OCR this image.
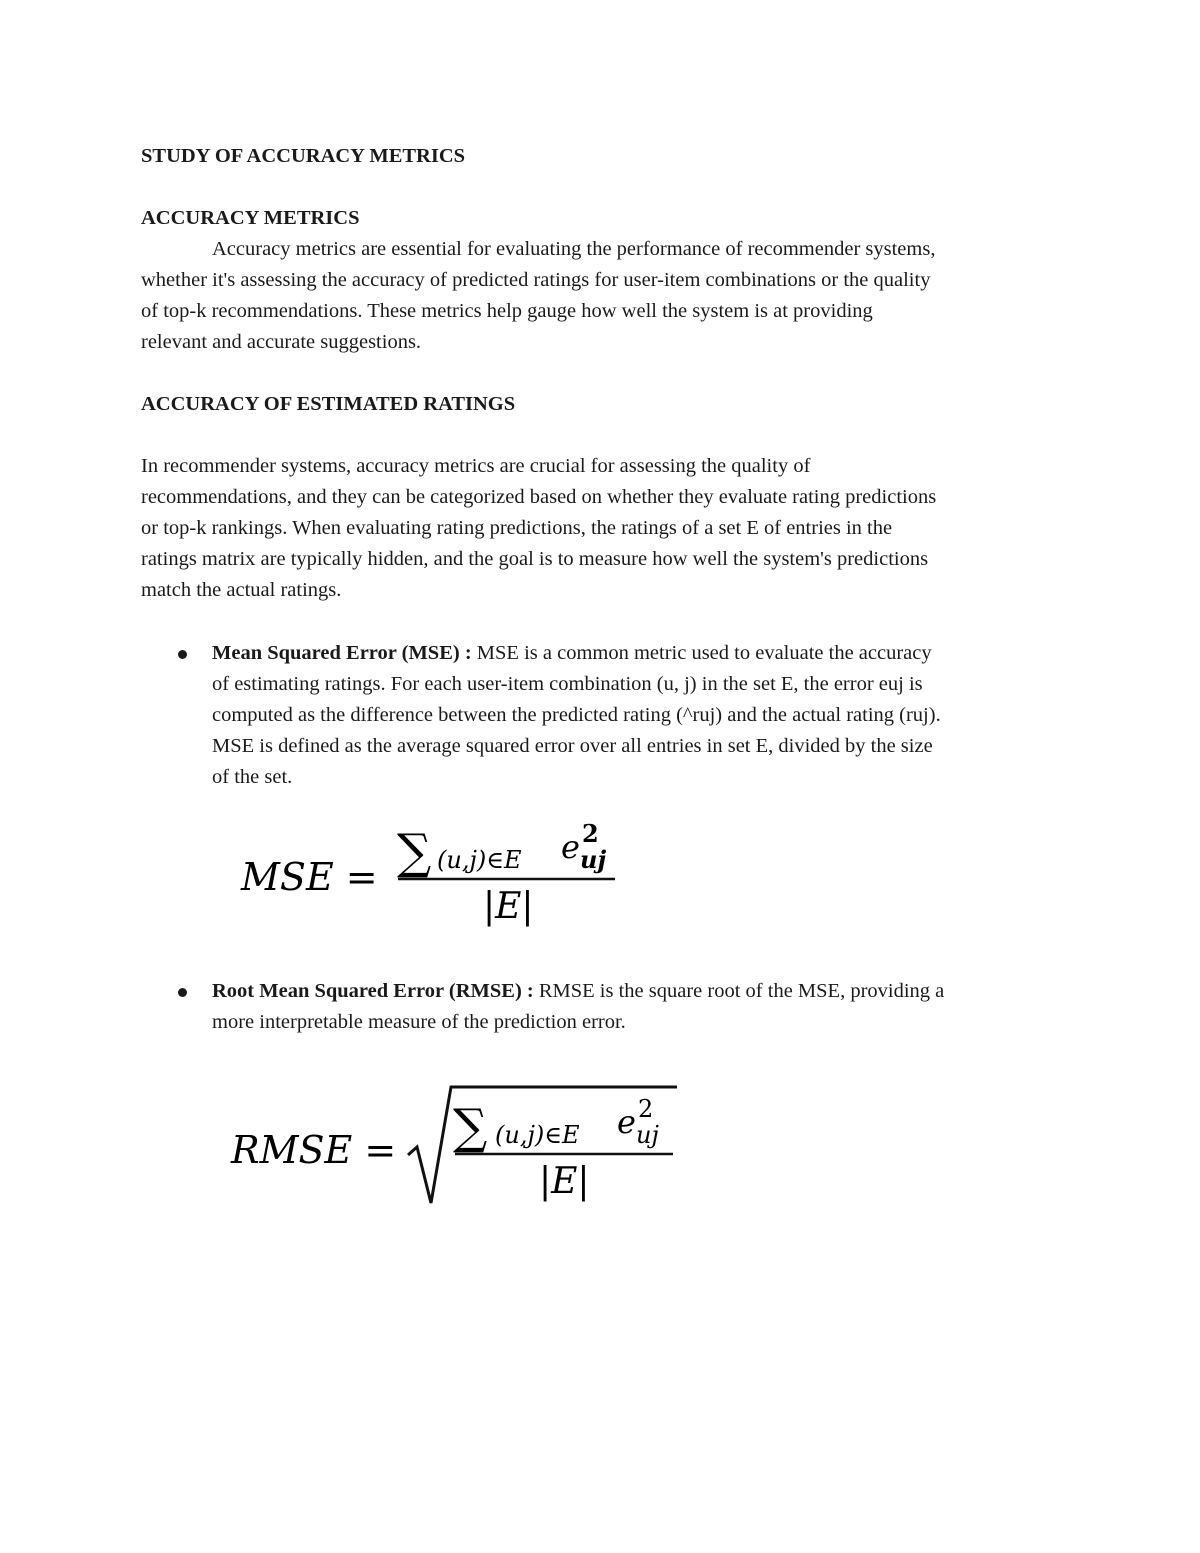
STUDY OF ACCURACY METRICS
ACCURACY METRICS
Accuracy metrics are essential for evaluating the performance of recommender systems,
whether it's assessing the accuracy of predicted ratings for user-item combinations or the quality
of top-k recommendations. These metrics help gauge how well the system is at providing
relevant and accurate suggestions.
ACCURACY OF ESTIMATED RATINGS
In recommender systems, accuracy metrics are crucial for assessing the quality of
recommendations, and they can be categorized based on whether they evaluate rating predictions
or top-k rankings. When evaluating rating predictions, the ratings of a set E of entries in the
ratings matrix are typically hidden, and the goal is to measure how well the system's predictions
match the actual ratings.
Mean Squared Error (MSE) : MSE is a common metric used to evaluate the accuracy
of estimating ratings. For each user-item combination (u, j) in the set E, the error euj is
computed as the difference between the predicted rating (^ruj) and the actual rating (ruj).
MSE is defined as the average squared error over all entries in set E, divided by the size
of the set.
MSE = ∑ (u,j)∈E e 2
uj
|E|
Root Mean Squared Error (RMSE) : RMSE is the square root of the MSE, providing a
more interpretable measure of the prediction error.
RMSE = ∑ (u,j)∈E e 2
uj
|E|
